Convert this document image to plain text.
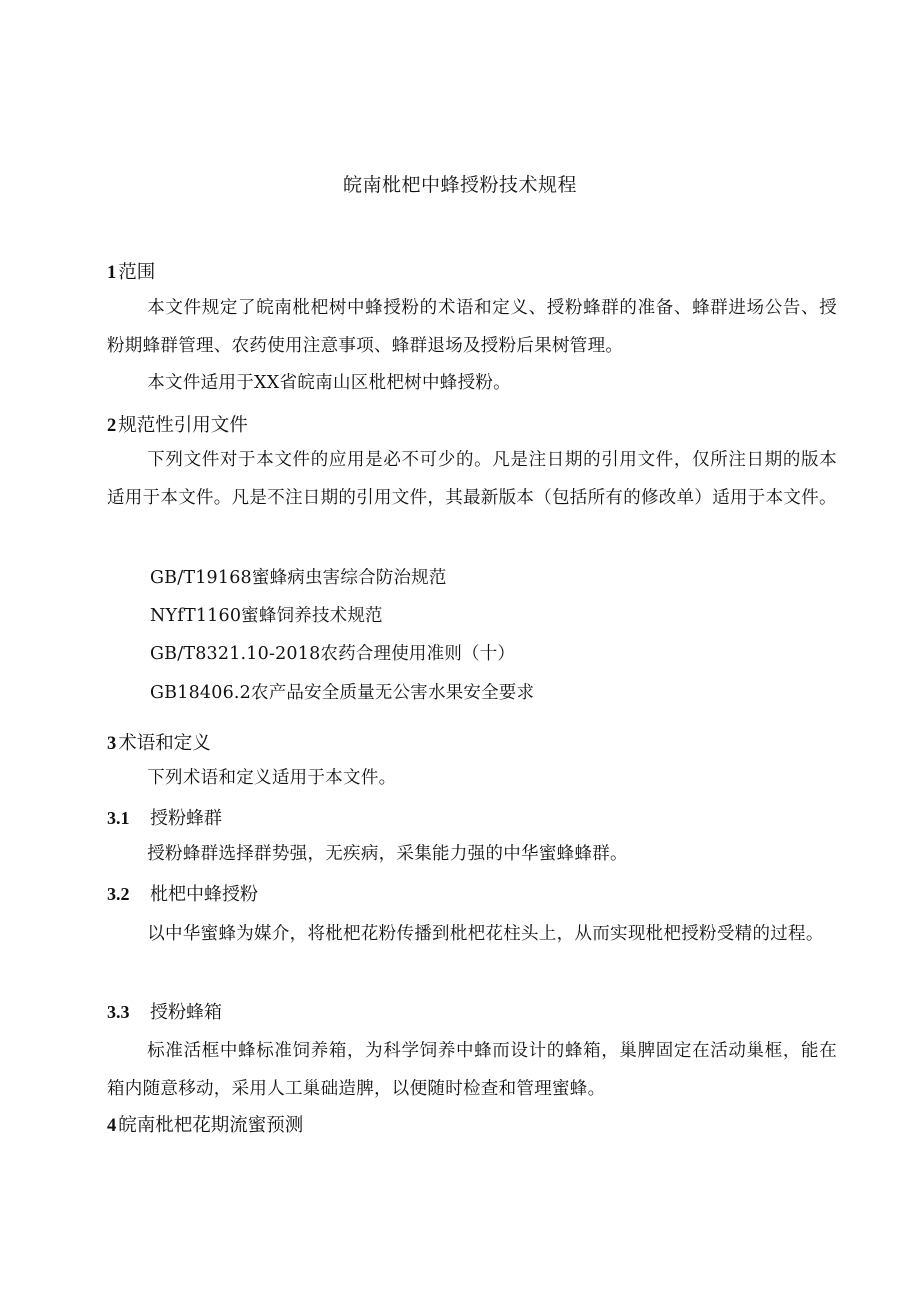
皖南枇杷中蜂授粉技术规程
1 范围
本文件规定了皖南枇杷树中蜂授粉的术语和定义、授粉蜂群的准备、蜂群进场公告、授粉期蜂群管理、农药使用注意事项、蜂群退场及授粉后果树管理。
本文件适用于XX省皖南山区枇杷树中蜂授粉。
2 规范性引用文件
下列文件对于本文件的应用是必不可少的。凡是注日期的引用文件，仅所注日期的版本适用于本文件。凡是不注日期的引用文件，其最新版本（包括所有的修改单）适用于本文件。
GB/T19168蜜蜂病虫害综合防治规范
NYfT1160蜜蜂饲养技术规范
GB/T8321.10-2018农药合理使用准则（十）
GB18406.2农产品安全质量无公害水果安全要求
3 术语和定义
下列术语和定义适用于本文件。
3.1 授粉蜂群
授粉蜂群选择群势强，无疾病，采集能力强的中华蜜蜂蜂群。
3.2 枇杷中蜂授粉
以中华蜜蜂为媒介，将枇杷花粉传播到枇杷花柱头上，从而实现枇杷授粉受精的过程。
3.3 授粉蜂箱
标准活框中蜂标准饲养箱，为科学饲养中蜂而设计的蜂箱，巢脾固定在活动巢框，能在箱内随意移动，采用人工巢础造脾，以便随时检查和管理蜜蜂。
4 皖南枇杷花期流蜜预测
